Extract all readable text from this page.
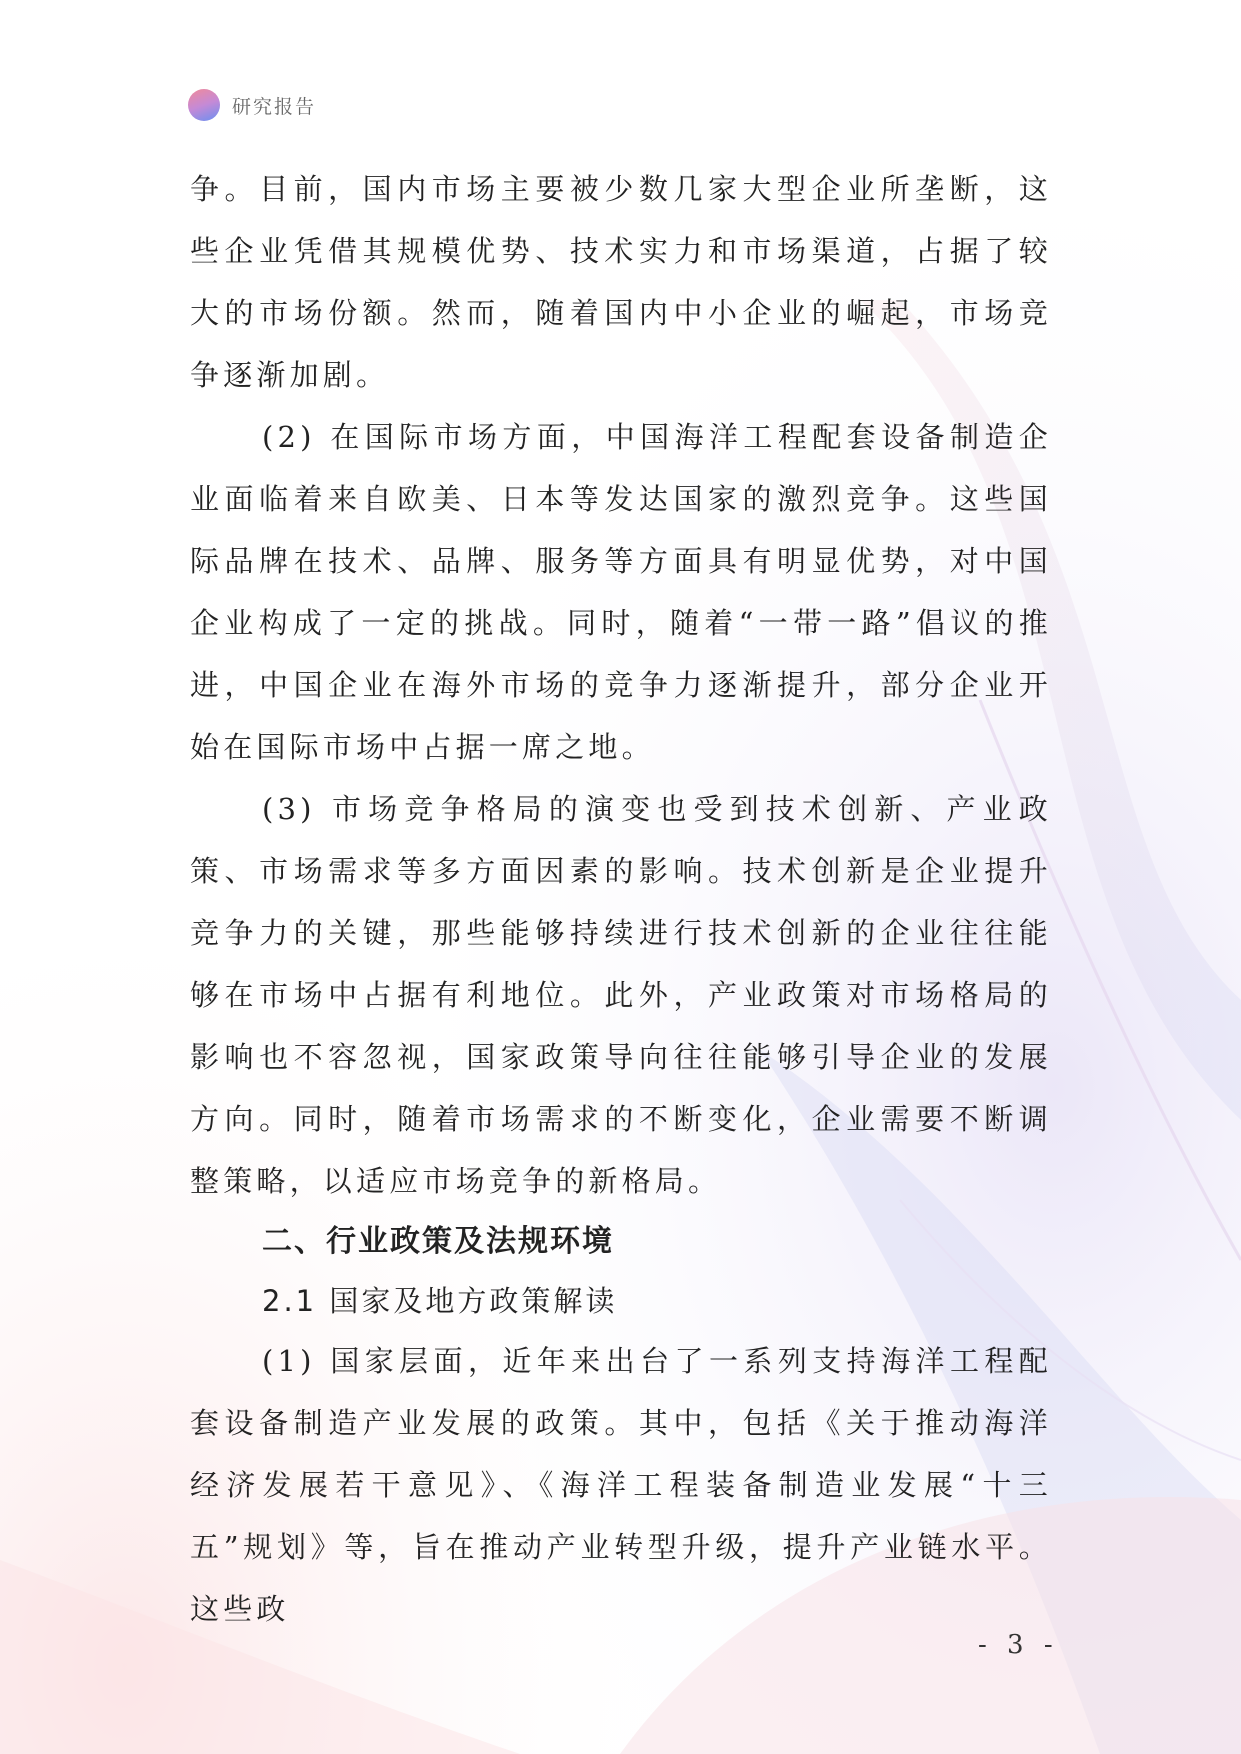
研究报告

争。目前，国内市场主要被少数几家大型企业所垄断，这些企业凭借其规模优势、技术实力和市场渠道，占据了较大的市场份额。然而，随着国内中小企业的崛起，市场竞争逐渐加剧。

(2) 在国际市场方面，中国海洋工程配套设备制造企业面临着来自欧美、日本等发达国家的激烈竞争。这些国际品牌在技术、品牌、服务等方面具有明显优势，对中国企业构成了一定的挑战。同时，随着“一带一路”倡议的推进，中国企业在海外市场的竞争力逐渐提升，部分企业开始在国际市场中占据一席之地。

(3) 市场竞争格局的演变也受到技术创新、产业政策、市场需求等多方面因素的影响。技术创新是企业提升竞争力的关键，那些能够持续进行技术创新的企业往往能够在市场中占据有利地位。此外，产业政策对市场格局的影响也不容忽视，国家政策导向往往能够引导企业的发展方向。同时，随着市场需求的不断变化，企业需要不断调整策略，以适应市场竞争的新格局。

二、行业政策及法规环境
2.1 国家及地方政策解读

(1) 国家层面，近年来出台了一系列支持海洋工程配套设备制造产业发展的政策。其中，包括《关于推动海洋经济发展若干意见》、《海洋工程装备制造业发展“十三五”规划》等，旨在推动产业转型升级，提升产业链水平。这些政

- 3 -
